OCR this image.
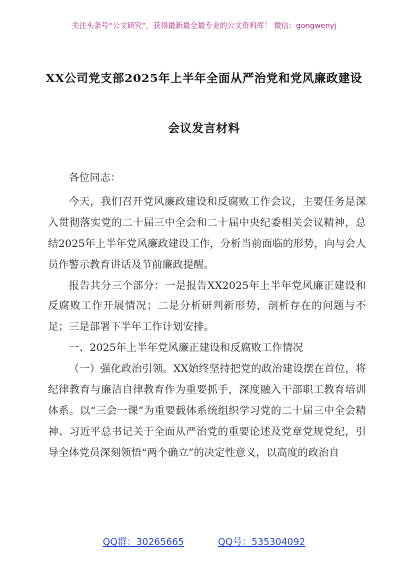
关注头条号“公文研究”，获得最新最全最专业的公文资料库！ 微信：gongwenyj
XX公司党支部2025年上半年全面从严治党和党风廉政建设
会议发言材料

各位同志：

今天，我们召开党风廉政建设和反腐败工作会议，主要任务是深入贯彻落实党的二十届三中全会和二十届中央纪委相关会议精神，总结2025年上半年党风廉政建设工作，分析当前面临的形势，向与会人员作警示教育讲话及节前廉政提醒。

报告共分三个部分：一是报告XX2025年上半年党风廉正建设和反腐败工作开展情况；二是分析研判新形势，剖析存在的问题与不足；三是部署下半年工作计划安排。

一、2025年上半年党风廉正建设和反腐败工作情况

（一）强化政治引领。XX始终坚持把党的政治建设摆在首位，将纪律教育与廉洁自律教育作为重要抓手，深度融入干部职工教育培训体系。以“三会一课”为重要载体系统组织学习党的二十届三中全会精神、习近平总书记关于全面从严治党的重要论述及党章党规党纪，引导全体党员深刻领悟“两个确立”的决定性意义，以高度的政治自

QQ群：30265665	QQ号：535304092
